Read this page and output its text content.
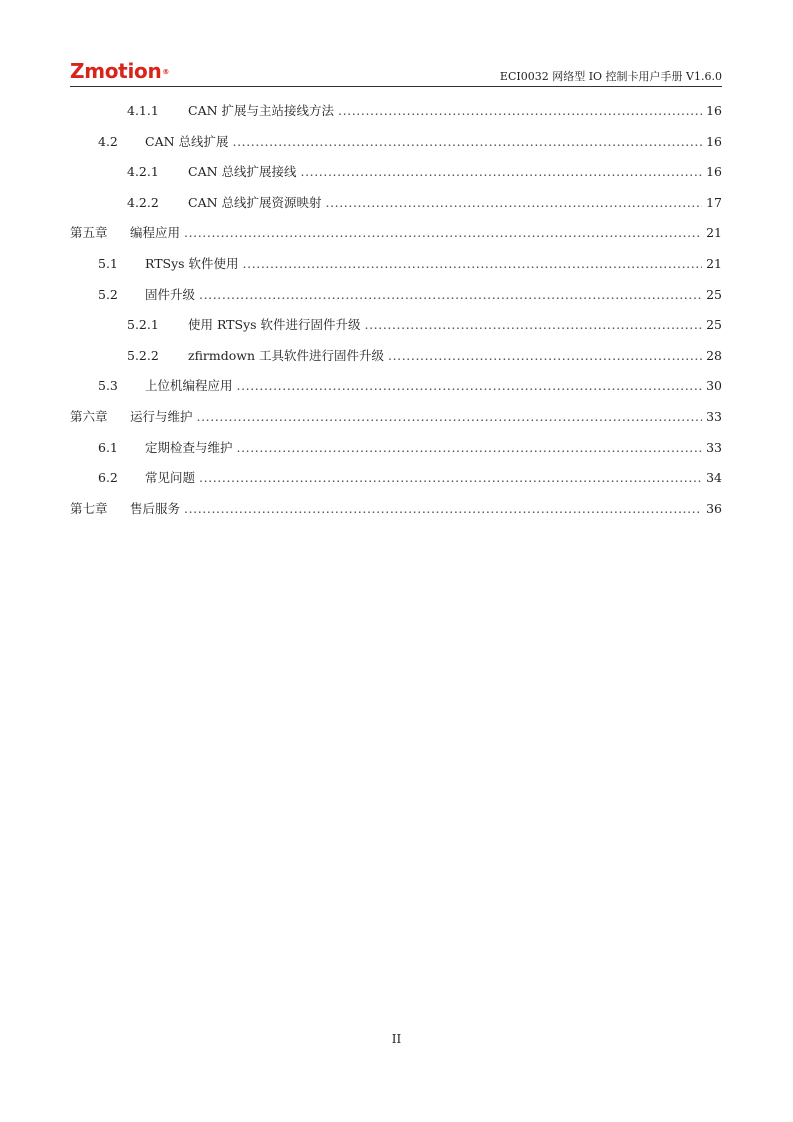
Zmotion®	ECI0032 网络型 IO 控制卡用户手册 V1.6.0
4.1.1	CAN 扩展与主站接线方法 .....	16
4.2	CAN 总线扩展 .....	16
4.2.1	CAN 总线扩展接线 .....	16
4.2.2	CAN 总线扩展资源映射 .....	17
第五章	编程应用 .....	21
5.1	RTSys 软件使用 .....	21
5.2	固件升级 .....	25
5.2.1	使用 RTSys 软件进行固件升级 .....	25
5.2.2	zfirmdown 工具软件进行固件升级 .....	28
5.3	上位机编程应用 .....	30
第六章	运行与维护 .....	33
6.1	定期检查与维护 .....	33
6.2	常见问题 .....	34
第七章	售后服务 .....	36
II
